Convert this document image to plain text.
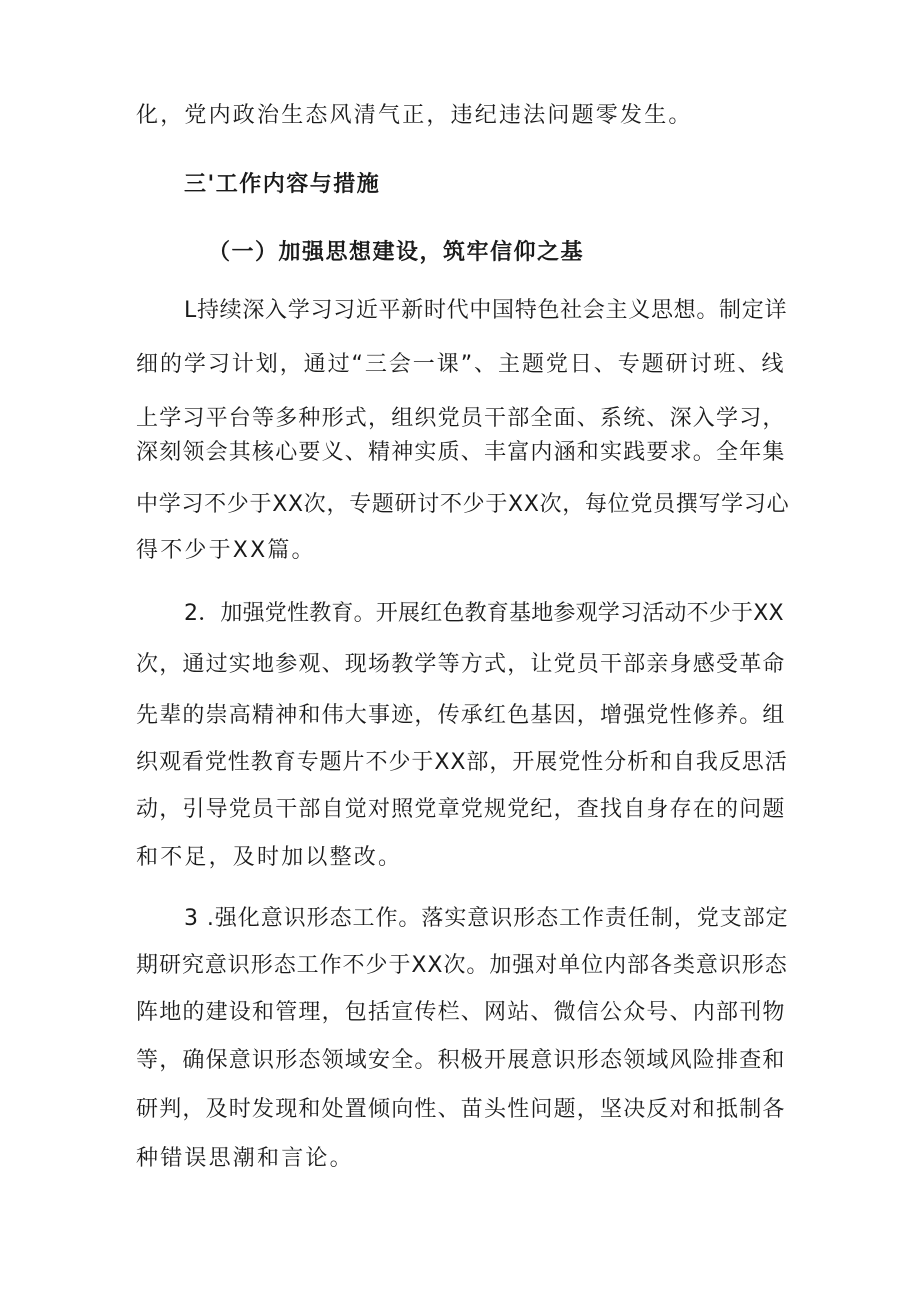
化，党内政治生态风清气正，违纪违法问题零发生。
三'工作内容与措施
（一）加强思想建设，筑牢信仰之基
L持续深入学习习近平新时代中国特色社会主义思想。制定详
细的学习计划，通过“三会一课”、主题党日、专题研讨班、线
上学习平台等多种形式，组织党员干部全面、系统、深入学习，
深刻领会其核心要义、精神实质、丰富内涵和实践要求。全年集
中学习不少于XX次，专题研讨不少于XX次，每位党员撰写学习心
得不少于XX篇。
2．加强党性教育。开展红色教育基地参观学习活动不少于XX
次，通过实地参观、现场教学等方式，让党员干部亲身感受革命
先辈的崇高精神和伟大事迹，传承红色基因，增强党性修养。组
织观看党性教育专题片不少于XX部，开展党性分析和自我反思活
动，引导党员干部自觉对照党章党规党纪，查找自身存在的问题
和不足，及时加以整改。
3 .强化意识形态工作。落实意识形态工作责任制，党支部定
期研究意识形态工作不少于XX次。加强对单位内部各类意识形态
阵地的建设和管理，包括宣传栏、网站、微信公众号、内部刊物
等，确保意识形态领域安全。积极开展意识形态领域风险排查和
研判，及时发现和处置倾向性、苗头性问题，坚决反对和抵制各
种错误思潮和言论。
